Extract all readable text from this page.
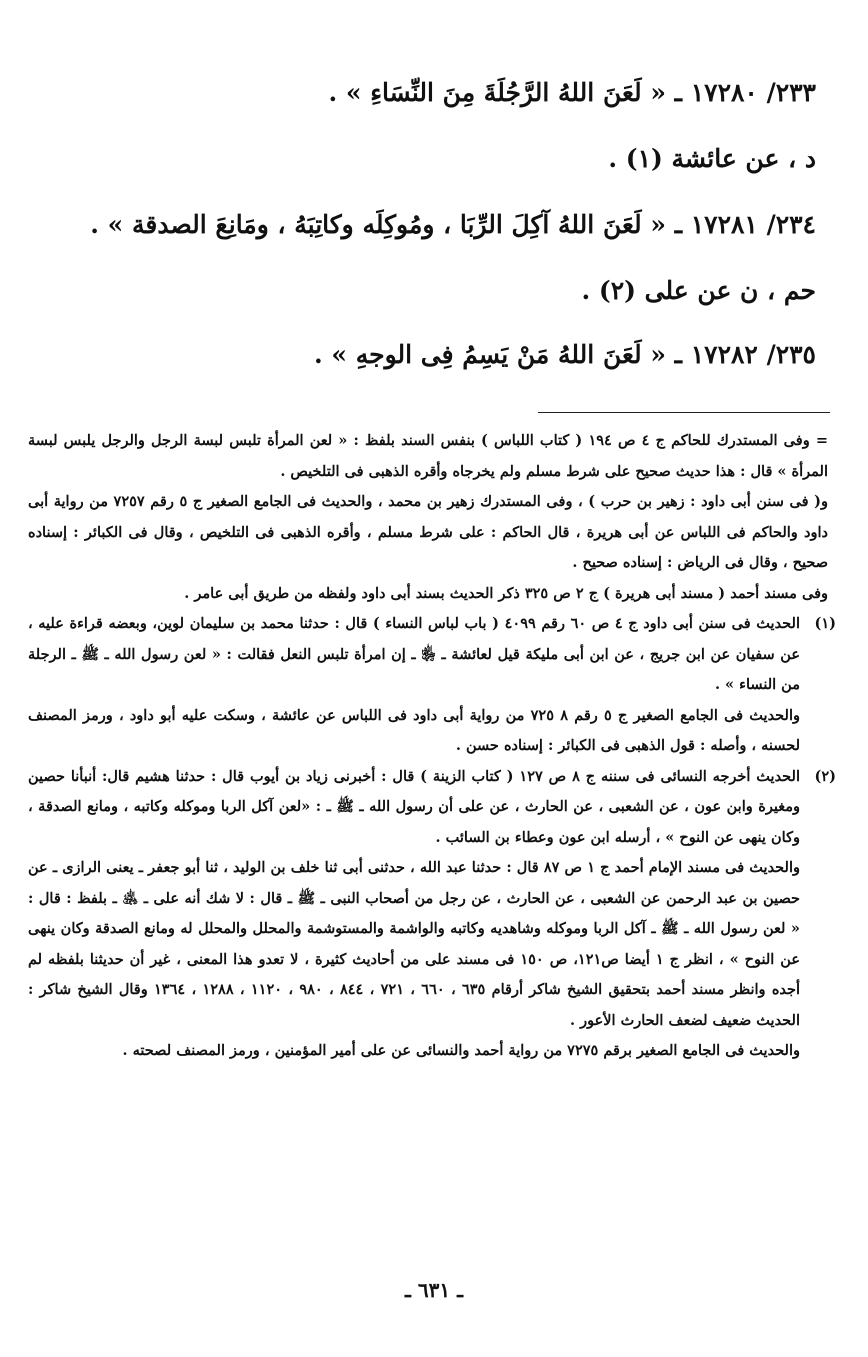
٢٣٣/ ١٧٢٨٠ ـ « لَعَنَ اللهُ الرَّجُلَةَ مِنَ النِّسَاءِ » .

د ، عن عائشة (١) .

٢٣٤/ ١٧٢٨١ ـ « لَعَنَ اللهُ آكِلَ الرِّبَا ، ومُوكِلَه وكاتِبَهُ ، ومَانِعَ الصدقة » .

حم ، ن عن على (٢) .

٢٣٥/ ١٧٢٨٢ ـ « لَعَنَ اللهُ مَنْ يَسِمُ فِى الوجهِ » .

= وفى المستدرك للحاكم ج ٤ ص ١٩٤ ( كتاب اللباس ) بنفس السند بلفظ : « لعن المرأة تلبس لبسة الرجل والرجل يلبس لبسة المرأة » قال : هذا حديث صحيح على شرط مسلم ولم يخرجاه وأقره الذهبى فى التلخيص .

و( فى سنن أبى داود : زهير بن حرب ) ، وفى المستدرك زهير بن محمد ، والحديث فى الجامع الصغير ج ٥ رقم ٧٢٥٧ من رواية أبى داود والحاكم فى اللباس عن أبى هريرة ، قال الحاكم : على شرط مسلم ، وأقره الذهبى فى التلخيص ، وقال فى الكبائر : إسناده صحيح ، وقال فى الرياض : إسناده صحيح .

وفى مسند أحمد ( مسند أبى هريرة ) ج ٢ ص ٣٢٥ ذكر الحديث بسند أبى داود ولفظه من طريق أبى عامر .

(١)

الحديث فى سنن أبى داود ج ٤ ص ٦٠ رقم ٤٠٩٩ ( باب لباس النساء ) قال : حدثنا محمد بن سليمان لوين، وبعضه قراءة عليه ، عن سفيان عن ابن جريج ، عن ابن أبى مليكة قيل لعائشة ـ ﵂ ـ إن امرأة تلبس النعل فقالت : « لعن رسول الله ـ ﷺ ـ الرجلة من النساء » .

والحديث فى الجامع الصغير ج ٥ رقم ٨ ٧٢٥ من رواية أبى داود فى اللباس عن عائشة ، وسكت عليه أبو داود ، ورمز المصنف لحسنه ، وأصله : قول الذهبى فى الكبائر : إسناده حسن .

(٢)

الحديث أخرجه النسائى فى سننه ج ٨ ص ١٢٧ ( كتاب الزينة ) قال : أخبرنى زياد بن أيوب قال : حدثنا هشيم قال: أنبأنا حصين ومغيرة وابن عون ، عن الشعبى ، عن الحارث ، عن على أن رسول الله ـ ﷺ ـ : «لعن آكل الربا وموكله وكاتبه ، ومانع الصدقة ، وكان ينهى عن النوح » ، أرسله ابن عون وعطاء بن السائب .

والحديث فى مسند الإمام أحمد ج ١ ص ٨٧ قال : حدثنا عبد الله ، حدثنى أبى ثنا خلف بن الوليد ، ثنا أبو جعفر ـ يعنى الرازى ـ عن حصين بن عبد الرحمن عن الشعبى ، عن الحارث ، عن رجل من أصحاب النبى ـ ﷺ ـ قال : لا شك أنه على ـ ﵁ ـ بلفظ : قال : « لعن رسول الله ـ ﷺ ـ آكل الربا وموكله وشاهديه وكاتبه والواشمة والمستوشمة والمحلل والمحلل له ومانع الصدقة وكان ينهى عن النوح » ، انظر ج ١ أيضا ص١٢١، ص ١٥٠ فى مسند على من أحاديث كثيرة ، لا تعدو هذا المعنى ، غير أن حديثنا بلفظه لم أجده وانظر مسند أحمد بتحقيق الشيخ شاكر أرقام ٦٣٥ ، ٦٦٠ ، ٧٢١ ، ٨٤٤ ، ٩٨٠ ، ١١٢٠ ، ١٢٨٨ ، ١٣٦٤ وقال الشيخ شاكر : الحديث ضعيف لضعف الحارث الأعور .

والحديث فى الجامع الصغير برقم ٧٢٧٥ من رواية أحمد والنسائى عن على أمير المؤمنين ، ورمز المصنف لصحته .

ـ ٦٣١ ـ
